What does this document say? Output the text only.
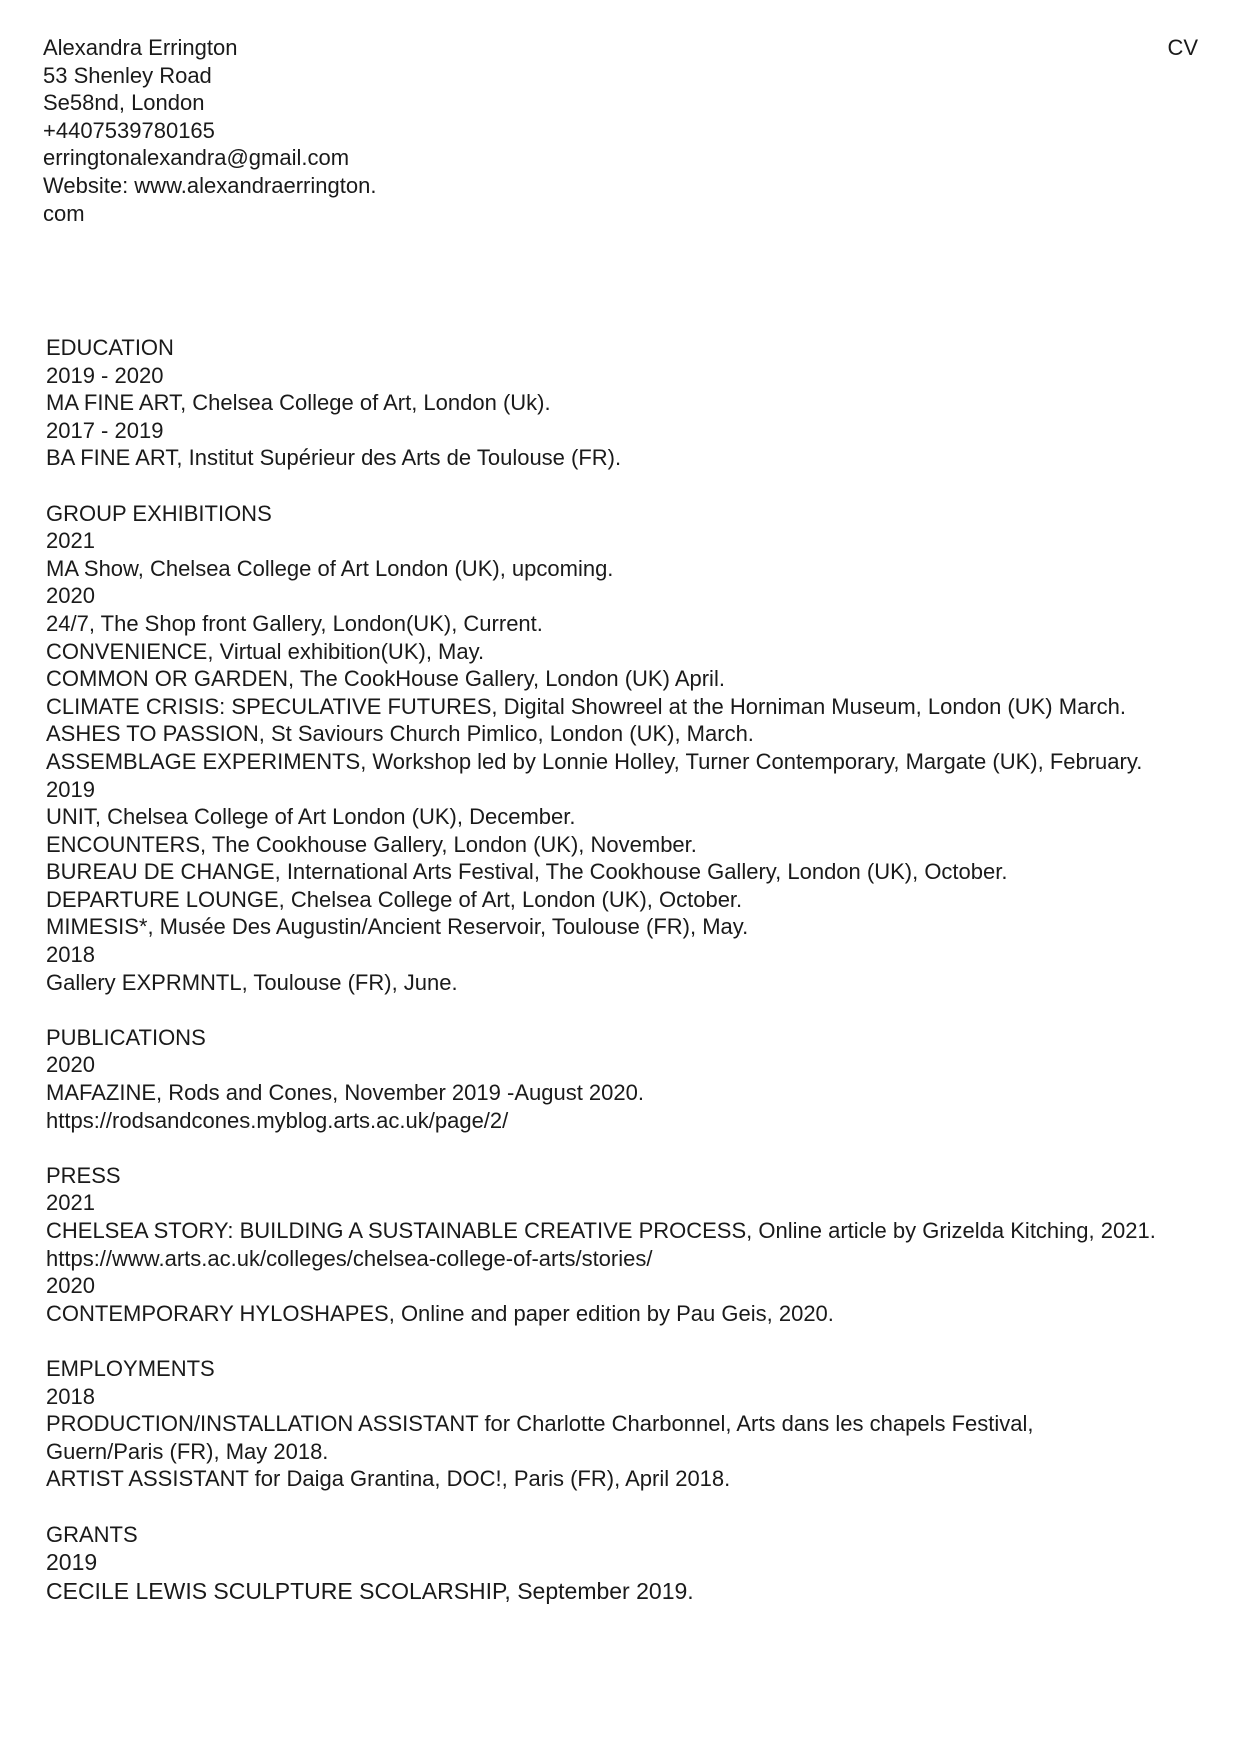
Alexandra Errington
53 Shenley Road
Se58nd, London
+4407539780165
erringtonalexandra@gmail.com
Website: www.alexandraerrington.
com
CV
EDUCATION
2019 - 2020
MA FINE ART, Chelsea College of Art, London (Uk).
2017 - 2019
BA FINE ART, Institut Supérieur des Arts de Toulouse (FR).
GROUP EXHIBITIONS
2021
MA Show, Chelsea College of Art London (UK), upcoming.
2020
24/7, The Shop front Gallery, London(UK), Current.
CONVENIENCE, Virtual exhibition(UK), May.
COMMON OR GARDEN, The CookHouse Gallery, London (UK) April.
CLIMATE CRISIS: SPECULATIVE FUTURES, Digital Showreel at the Horniman Museum, London (UK) March.
ASHES TO PASSION, St Saviours Church Pimlico, London (UK), March.
ASSEMBLAGE EXPERIMENTS, Workshop led by Lonnie Holley, Turner Contemporary, Margate (UK), February.
2019
UNIT, Chelsea College of Art London (UK), December.
ENCOUNTERS, The Cookhouse Gallery, London (UK), November.
BUREAU DE CHANGE, International Arts Festival, The Cookhouse Gallery, London (UK), October.
DEPARTURE LOUNGE, Chelsea College of Art, London (UK), October.
MIMESIS*, Musée Des Augustin/Ancient Reservoir, Toulouse (FR), May.
2018
Gallery EXPRMNTL, Toulouse (FR), June.
PUBLICATIONS
2020
MAFAZINE, Rods and Cones, November 2019 -August 2020.
https://rodsandcones.myblog.arts.ac.uk/page/2/
PRESS
2021
CHELSEA STORY: BUILDING A SUSTAINABLE CREATIVE PROCESS, Online article by Grizelda Kitching, 2021.
https://www.arts.ac.uk/colleges/chelsea-college-of-arts/stories/
2020
CONTEMPORARY HYLOSHAPES, Online and paper edition by Pau Geis, 2020.
EMPLOYMENTS
2018
PRODUCTION/INSTALLATION ASSISTANT for Charlotte Charbonnel, Arts dans les chapels Festival,
Guern/Paris (FR), May 2018.
ARTIST ASSISTANT for Daiga Grantina, DOC!, Paris (FR), April 2018.
GRANTS
2019
CECILE LEWIS SCULPTURE SCOLARSHIP, September 2019.
